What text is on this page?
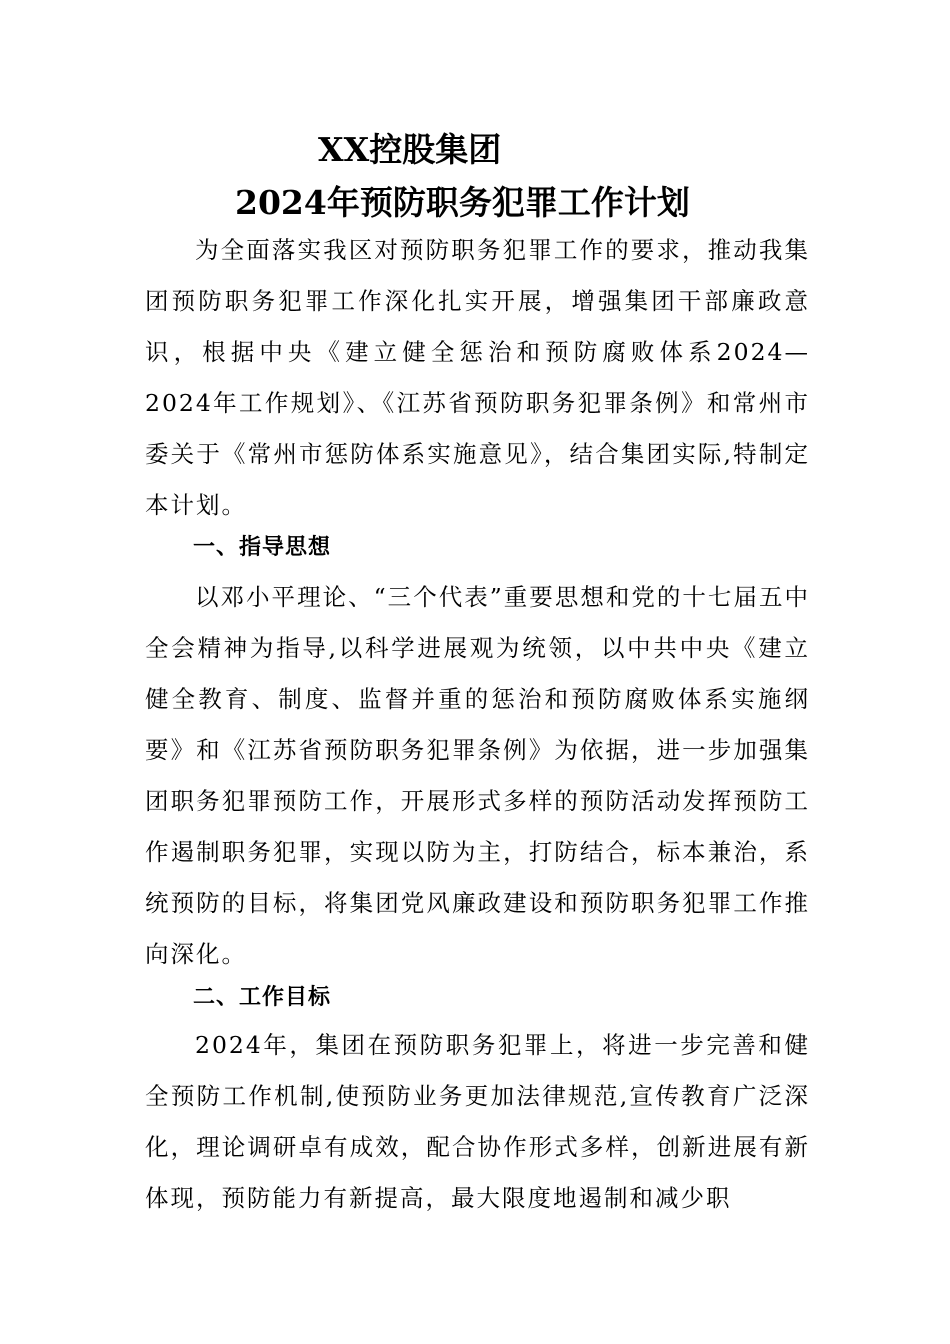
XX控股集团
2024年预防职务犯罪工作计划

为全面落实我区对预防职务犯罪工作的要求，推动我集团预防职务犯罪工作深化扎实开展，增强集团干部廉政意识，根据中央《建立健全惩治和预防腐败体系2024—2024年工作规划》、《江苏省预防职务犯罪条例》和常州市委关于《常州市惩防体系实施意见》，结合集团实际,特制定本计划。

一、指导思想

以邓小平理论、“三个代表”重要思想和党的十七届五中全会精神为指导,以科学进展观为统领，以中共中央《建立健全教育、制度、监督并重的惩治和预防腐败体系实施纲要》和《江苏省预防职务犯罪条例》为依据，进一步加强集团职务犯罪预防工作，开展形式多样的预防活动发挥预防工作遏制职务犯罪，实现以防为主，打防结合，标本兼治，系统预防的目标，将集团党风廉政建设和预防职务犯罪工作推向深化。

二、工作目标

2024年，集团在预防职务犯罪上，将进一步完善和健全预防工作机制,使预防业务更加法律规范,宣传教育广泛深化，理论调研卓有成效，配合协作形式多样，创新进展有新体现，预防能力有新提高，最大限度地遏制和减少职
